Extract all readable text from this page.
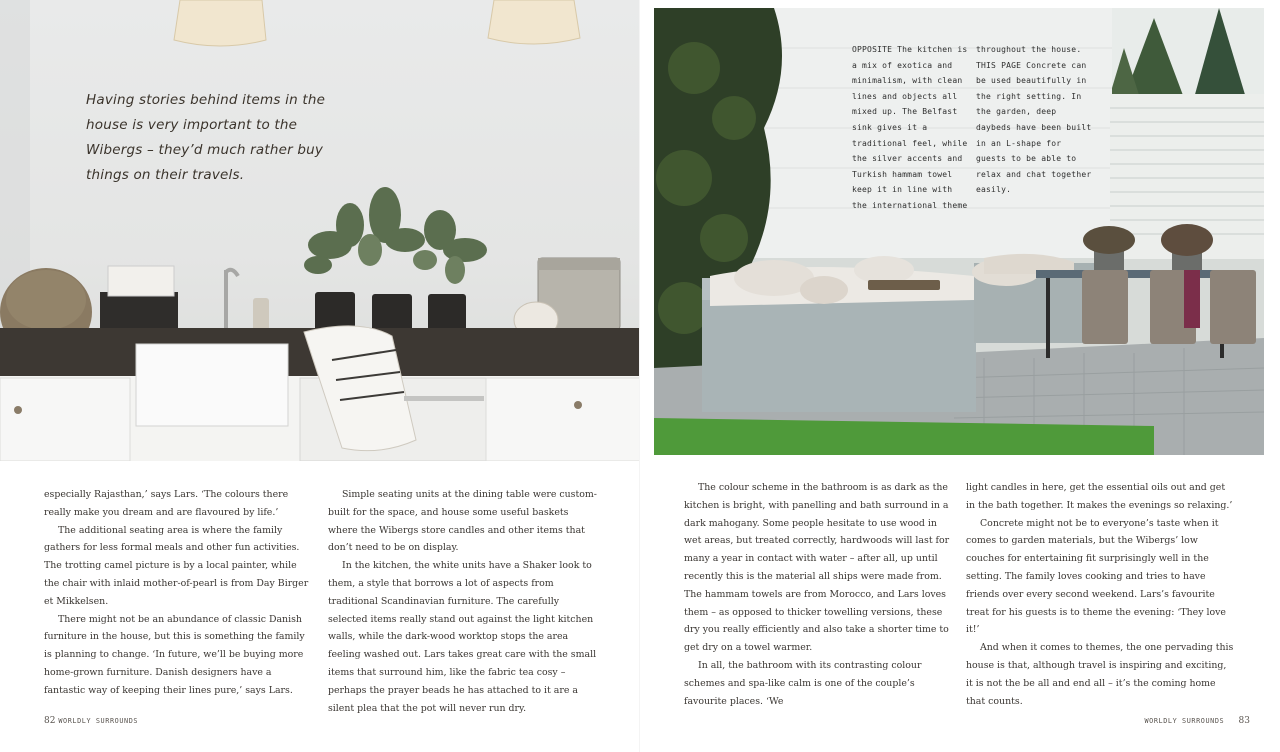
Having stories behind items in the house is very important to the Wibergs – they’d much rather buy things on their travels.

especially Rajasthan,’ says Lars. ‘The colours there really make you dream and are flavoured by life.’

The additional seating area is where the family gathers for less formal meals and other fun activities. The trotting camel picture is by a local painter, while the chair with inlaid mother-of-pearl is from Day Birger et Mikkelsen.

There might not be an abundance of classic Danish furniture in the house, but this is something the family is planning to change. ‘In future, we’ll be buying more home-grown furniture. Danish designers have a fantastic way of keeping their lines pure,’ says Lars.

Simple seating units at the dining table were custom-built for the space, and house some useful baskets where the Wibergs store candles and other items that don’t need to be on display.

In the kitchen, the white units have a Shaker look to them, a style that borrows a lot of aspects from traditional Scandinavian furniture. The carefully selected items really stand out against the light kitchen walls, while the dark-wood worktop stops the area feeling washed out. Lars takes great care with the small items that surround him, like the fabric tea cosy – perhaps the prayer beads he has attached to it are a silent plea that the pot will never run dry.

82 WORLDLY SURROUNDS
OPPOSITE The kitchen is a mix of exotica and minimalism, with clean lines and objects all mixed up. The Belfast sink gives it a traditional feel, while the silver accents and Turkish hammam towel keep it in line with the international theme throughout the house. THIS PAGE Concrete can be used beautifully in the right setting. In the garden, deep daybeds have been built in an L-shape for guests to be able to relax and chat together easily.

The colour scheme in the bathroom is as dark as the kitchen is bright, with panelling and bath surround in a dark mahogany. Some people hesitate to use wood in wet areas, but treated correctly, hardwoods will last for many a year in contact with water – after all, up until recently this is the material all ships were made from. The hammam towels are from Morocco, and Lars loves them – as opposed to thicker towelling versions, these dry you really efficiently and also take a shorter time to get dry on a towel warmer.

In all, the bathroom with its contrasting colour schemes and spa-like calm is one of the couple’s favourite places. ‘We

light candles in here, get the essential oils out and get in the bath together. It makes the evenings so relaxing.’

Concrete might not be to everyone’s taste when it comes to garden materials, but the Wibergs’ low couches for entertaining fit surprisingly well in the setting. The family loves cooking and tries to have friends over every second weekend. Lars’s favourite treat for his guests is to theme the evening: ‘They love it!’

And when it comes to themes, the one pervading this house is that, although travel is inspiring and exciting, it is not the be all and end all – it’s the coming home that counts.

WORLDLY SURROUNDS 83
